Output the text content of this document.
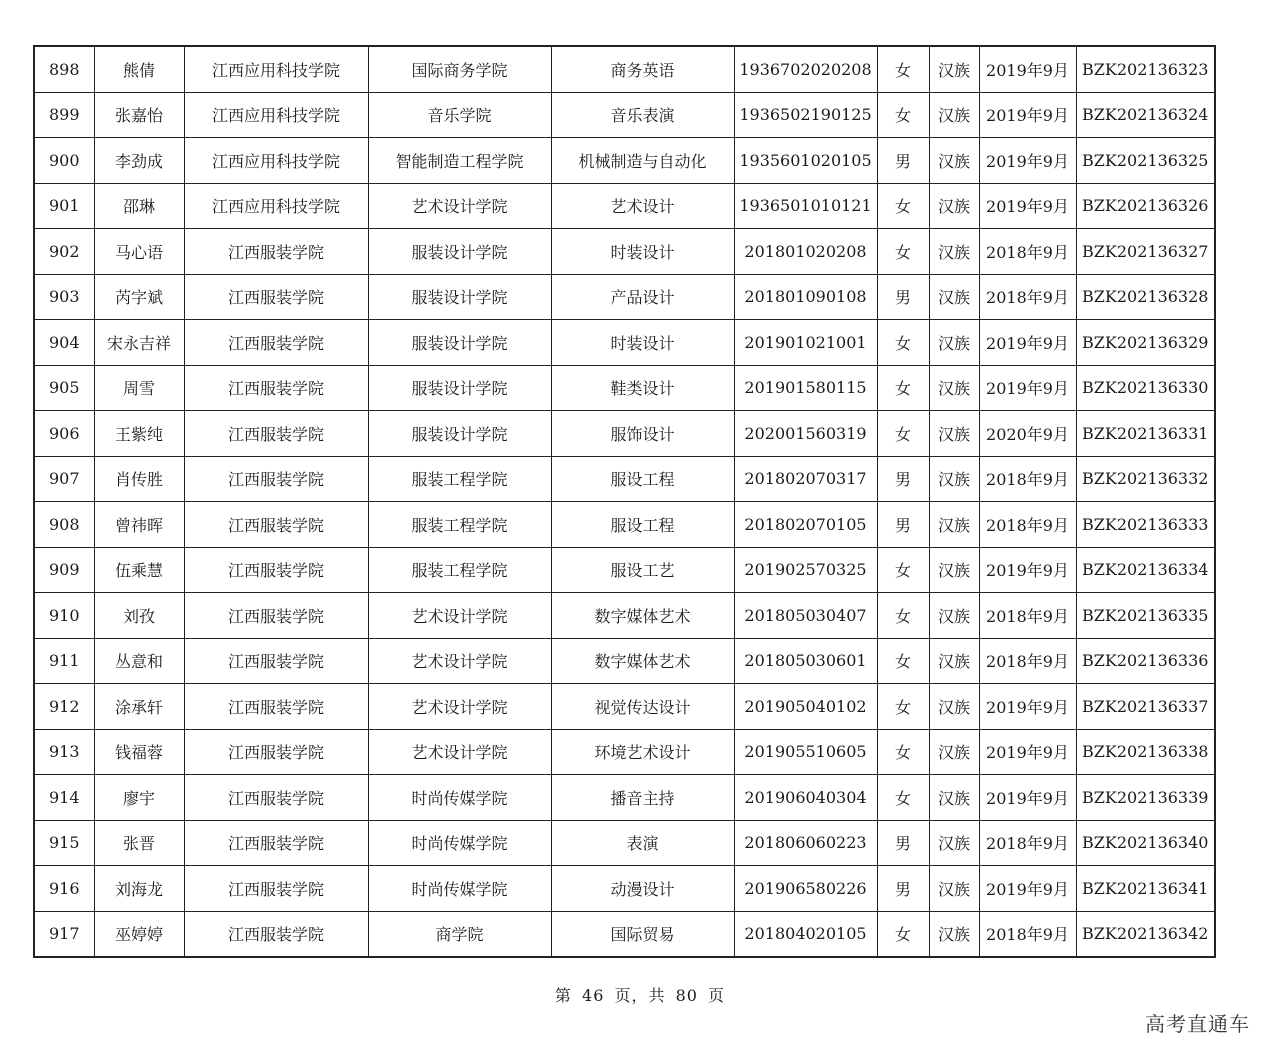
898	熊倩	江西应用科技学院	国际商务学院	商务英语	1936702020208	女	汉族	2019年9月	BZK202136323
899	张嘉怡	江西应用科技学院	音乐学院	音乐表演	1936502190125	女	汉族	2019年9月	BZK202136324
900	李劲成	江西应用科技学院	智能制造工程学院	机械制造与自动化	1935601020105	男	汉族	2019年9月	BZK202136325
901	邵琳	江西应用科技学院	艺术设计学院	艺术设计	1936501010121	女	汉族	2019年9月	BZK202136326
902	马心语	江西服装学院	服装设计学院	时装设计	201801020208	女	汉族	2018年9月	BZK202136327
903	芮字斌	江西服装学院	服装设计学院	产品设计	201801090108	男	汉族	2018年9月	BZK202136328
904	宋永吉祥	江西服装学院	服装设计学院	时装设计	201901021001	女	汉族	2019年9月	BZK202136329
905	周雪	江西服装学院	服装设计学院	鞋类设计	201901580115	女	汉族	2019年9月	BZK202136330
906	王紫纯	江西服装学院	服装设计学院	服饰设计	202001560319	女	汉族	2020年9月	BZK202136331
907	肖传胜	江西服装学院	服装工程学院	服设工程	201802070317	男	汉族	2018年9月	BZK202136332
908	曾祎晖	江西服装学院	服装工程学院	服设工程	201802070105	男	汉族	2018年9月	BZK202136333
909	伍乘慧	江西服装学院	服装工程学院	服设工艺	201902570325	女	汉族	2019年9月	BZK202136334
910	刘孜	江西服装学院	艺术设计学院	数字媒体艺术	201805030407	女	汉族	2018年9月	BZK202136335
911	丛意和	江西服装学院	艺术设计学院	数字媒体艺术	201805030601	女	汉族	2018年9月	BZK202136336
912	涂承轩	江西服装学院	艺术设计学院	视觉传达设计	201905040102	女	汉族	2019年9月	BZK202136337
913	钱福蓉	江西服装学院	艺术设计学院	环境艺术设计	201905510605	女	汉族	2019年9月	BZK202136338
914	廖宇	江西服装学院	时尚传媒学院	播音主持	201906040304	女	汉族	2019年9月	BZK202136339
915	张晋	江西服装学院	时尚传媒学院	表演	201806060223	男	汉族	2018年9月	BZK202136340
916	刘海龙	江西服装学院	时尚传媒学院	动漫设计	201906580226	男	汉族	2019年9月	BZK202136341
917	巫婷婷	江西服装学院	商学院	国际贸易	201804020105	女	汉族	2018年9月	BZK202136342
第 46 页，共 80 页
高考直通车
